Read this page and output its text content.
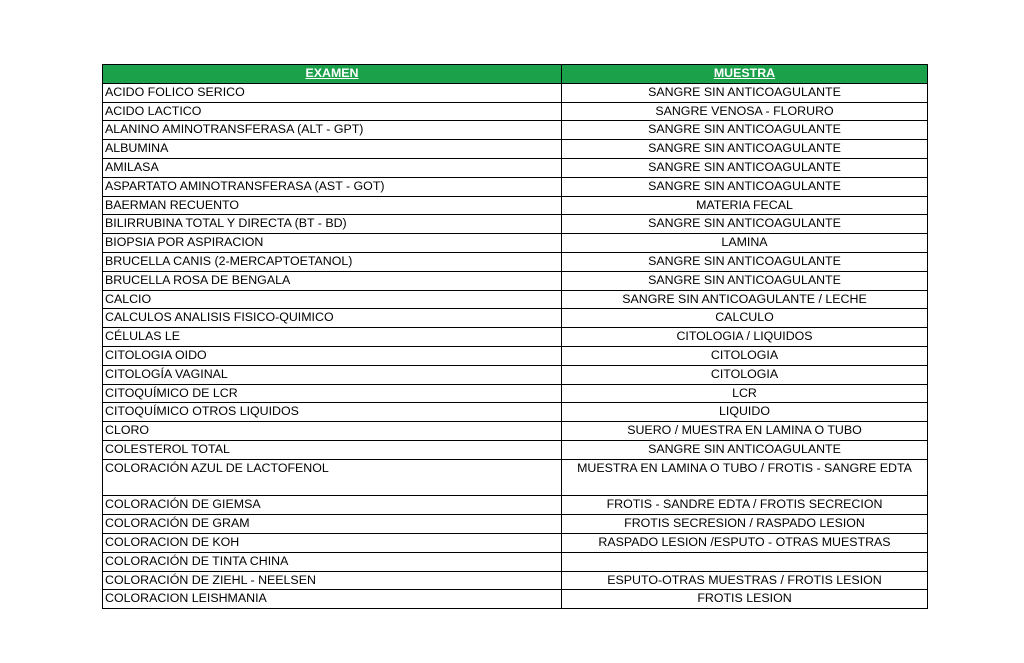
EXAMEN	MUESTRA
ACIDO FOLICO SERICO	SANGRE SIN ANTICOAGULANTE
ACIDO LACTICO	SANGRE VENOSA - FLORURO
ALANINO AMINOTRANSFERASA (ALT - GPT)	SANGRE SIN ANTICOAGULANTE
ALBUMINA	SANGRE SIN ANTICOAGULANTE
AMILASA	SANGRE SIN ANTICOAGULANTE
ASPARTATO AMINOTRANSFERASA (AST - GOT)	SANGRE SIN ANTICOAGULANTE
BAERMAN RECUENTO	MATERIA FECAL
BILIRRUBINA TOTAL Y DIRECTA (BT - BD)	SANGRE SIN ANTICOAGULANTE
BIOPSIA POR ASPIRACION	LAMINA
BRUCELLA CANIS (2-MERCAPTOETANOL)	SANGRE SIN ANTICOAGULANTE
BRUCELLA ROSA DE BENGALA	SANGRE SIN ANTICOAGULANTE
CALCIO	SANGRE SIN ANTICOAGULANTE / LECHE
CALCULOS ANALISIS FISICO-QUIMICO	CALCULO
CÉLULAS LE	CITOLOGIA / LIQUIDOS
CITOLOGIA OIDO	CITOLOGIA
CITOLOGÍA VAGINAL	CITOLOGIA
CITOQUÍMICO DE LCR	LCR
CITOQUÍMICO OTROS LIQUIDOS	LIQUIDO
CLORO	SUERO / MUESTRA EN LAMINA O TUBO
COLESTEROL TOTAL	SANGRE SIN ANTICOAGULANTE
COLORACIÓN AZUL DE LACTOFENOL	MUESTRA EN LAMINA O TUBO / FROTIS - SANGRE EDTA
COLORACIÓN DE GIEMSA	FROTIS - SANDRE EDTA / FROTIS SECRECION
COLORACIÓN DE GRAM	FROTIS SECRESION / RASPADO LESION
COLORACION DE KOH	RASPADO LESION /ESPUTO - OTRAS MUESTRAS
COLORACIÓN DE TINTA CHINA	
COLORACIÓN DE ZIEHL - NEELSEN	ESPUTO-OTRAS MUESTRAS / FROTIS LESION
COLORACION LEISHMANIA	FROTIS LESION
